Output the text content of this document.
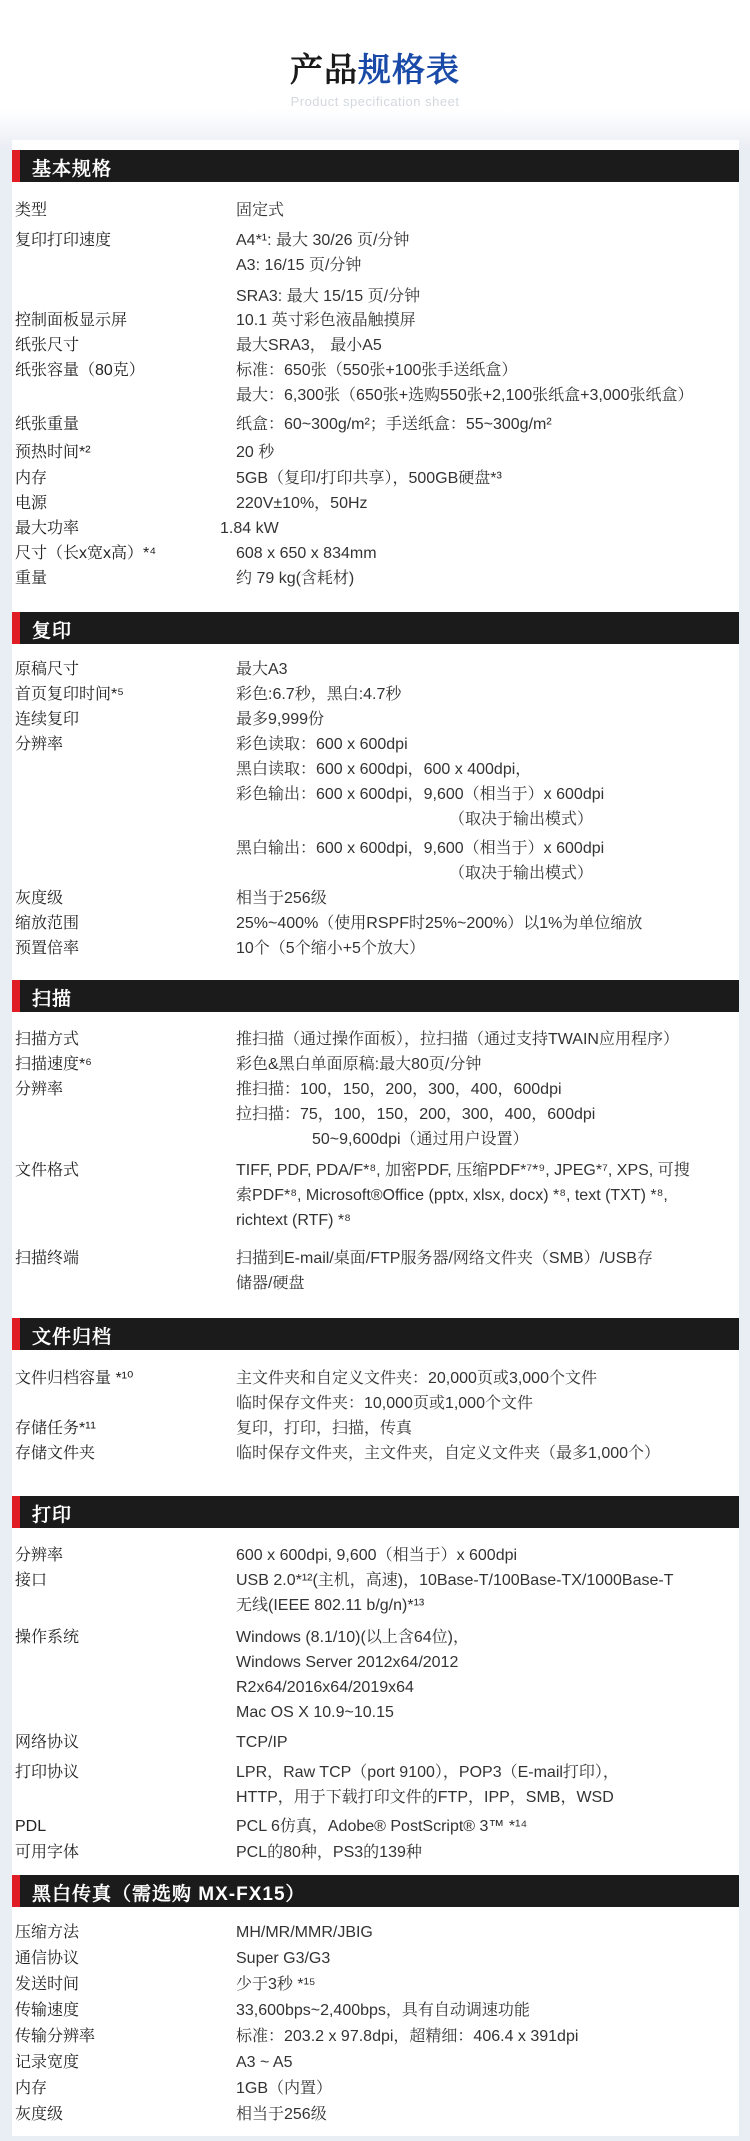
产品规格表
Product specification sheet
基本规格
类型	固定式
复印打印速度	A4*¹: 最大 30/26 页/分钟
A3: 16/15 页/分钟
SRA3: 最大 15/15 页/分钟
控制面板显示屏	10.1 英寸彩色液晶触摸屏
纸张尺寸	最大SRA3， 最小A5
纸张容量（80克）	标准：650张（550张+100张手送纸盒）
最大：6,300张（650张+选购550张+2,100张纸盒+3,000张纸盒）
纸张重量	纸盒：60~300g/m²；手送纸盒：55~300g/m²
预热时间*²	20 秒
内存	5GB（复印/打印共享），500GB硬盘*³
电源	220V±10%，50Hz
最大功率	1.84 kW
尺寸（长x宽x高）*⁴	608 x 650 x 834mm
重量	约 79 kg(含耗材)
复印
原稿尺寸	最大A3
首页复印时间*⁵	彩色:6.7秒，黑白:4.7秒
连续复印	最多9,999份
分辨率	彩色读取：600 x 600dpi
黑白读取：600 x 600dpi，600 x 400dpi，
彩色输出：600 x 600dpi，9,600（相当于）x 600dpi
（取决于输出模式）
黑白输出：600 x 600dpi，9,600（相当于）x 600dpi
（取决于输出模式）
灰度级	相当于256级
缩放范围	25%~400%（使用RSPF时25%~200%）以1%为单位缩放
预置倍率	10个（5个缩小+5个放大）
扫描
扫描方式	推扫描（通过操作面板），拉扫描（通过支持TWAIN应用程序）
扫描速度*⁶	彩色&黑白单面原稿:最大80页/分钟
分辨率	推扫描：100，150，200，300，400，600dpi
拉扫描：75，100，150，200，300，400，600dpi
50~9,600dpi（通过用户设置）
文件格式	TIFF, PDF, PDA/F*⁸, 加密PDF, 压缩PDF*⁷*⁹, JPEG*⁷, XPS, 可搜
索PDF*⁸, Microsoft®Office (pptx, xlsx, docx) *⁸, text (TXT) *⁸,
richtext (RTF) *⁸
扫描终端	扫描到E-mail/桌面/FTP服务器/网络文件夹（SMB）/USB存
储器/硬盘
文件归档
文件归档容量 *¹⁰	主文件夹和自定义文件夹：20,000页或3,000个文件
临时保存文件夹：10,000页或1,000个文件
存储任务*¹¹	复印，打印，扫描，传真
存储文件夹	临时保存文件夹，主文件夹，自定义文件夹（最多1,000个）
打印
分辨率	600 x 600dpi, 9,600（相当于）x 600dpi
接口	USB 2.0*¹²(主机，高速)，10Base-T/100Base-TX/1000Base-T
无线(IEEE 802.11 b/g/n)*¹³
操作系统	Windows (8.1/10)(以上含64位)，
Windows Server 2012x64/2012
R2x64/2016x64/2019x64
Mac OS X 10.9~10.15
网络协议	TCP/IP
打印协议	LPR，Raw TCP（port 9100），POP3（E-mail打印），
HTTP，用于下载打印文件的FTP，IPP，SMB，WSD
PDL	PCL 6仿真，Adobe® PostScript® 3™ *¹⁴
可用字体	PCL的80种，PS3的139种
黑白传真（需选购 MX-FX15）
压缩方法	MH/MR/MMR/JBIG
通信协议	Super G3/G3
发送时间	少于3秒 *¹⁵
传输速度	33,600bps~2,400bps，具有自动调速功能
传输分辨率	标准：203.2 x 97.8dpi，超精细：406.4 x 391dpi
记录宽度	A3 ~ A5
内存	1GB（内置）
灰度级	相当于256级
